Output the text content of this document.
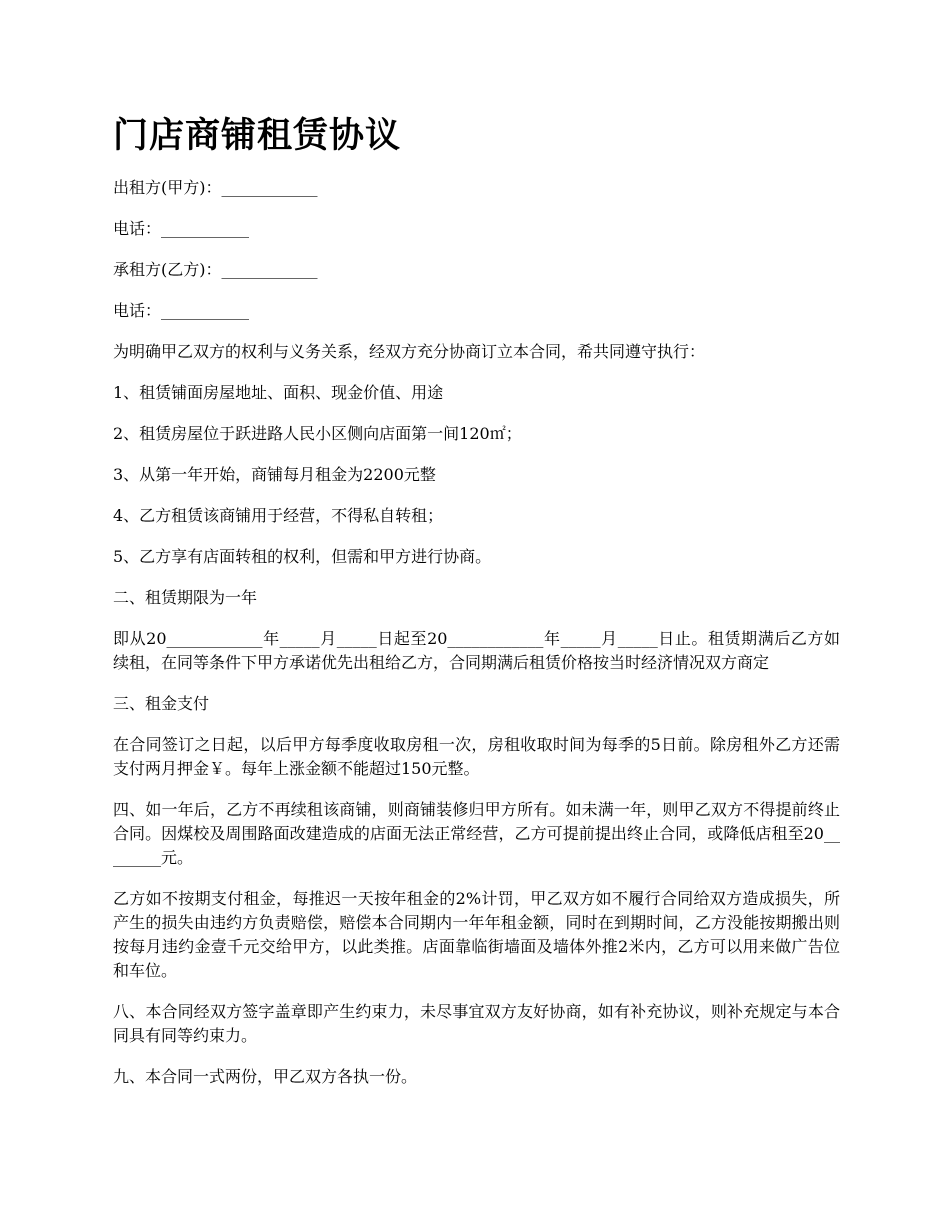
门店商铺租赁协议

出租方(甲方)：____________

电话：___________

承租方(乙方)：____________

电话：___________

为明确甲乙双方的权利与义务关系，经双方充分协商订立本合同，希共同遵守执行：

1、租赁铺面房屋地址、面积、现金价值、用途

2、租赁房屋位于跃进路人民小区侧向店面第一间120㎡；

3、从第一年开始，商铺每月租金为2200元整

4、乙方租赁该商铺用于经营，不得私自转租；

5、乙方享有店面转租的权利，但需和甲方进行协商。

二、租赁期限为一年

即从20____________年_____月_____日起至20____________年_____月_____日止。租赁期满后乙方如续租，在同等条件下甲方承诺优先出租给乙方，合同期满后租赁价格按当时经济情况双方商定

三、租金支付

在合同签订之日起，以后甲方每季度收取房租一次，房租收取时间为每季的5日前。除房租外乙方还需支付两月押金￥。每年上涨金额不能超过150元整。

四、如一年后，乙方不再续租该商铺，则商铺装修归甲方所有。如未满一年，则甲乙双方不得提前终止合同。因煤校及周围路面改建造成的店面无法正常经营，乙方可提前提出终止合同，或降低店租至20________元。

乙方如不按期支付租金，每推迟一天按年租金的2%计罚，甲乙双方如不履行合同给双方造成损失，所产生的损失由违约方负责赔偿，赔偿本合同期内一年年租金额，同时在到期时间，乙方没能按期搬出则按每月违约金壹千元交给甲方，以此类推。店面靠临街墙面及墙体外推2米内，乙方可以用来做广告位和车位。

八、本合同经双方签字盖章即产生约束力，未尽事宜双方友好协商，如有补充协议，则补充规定与本合同具有同等约束力。

九、本合同一式两份，甲乙双方各执一份。
